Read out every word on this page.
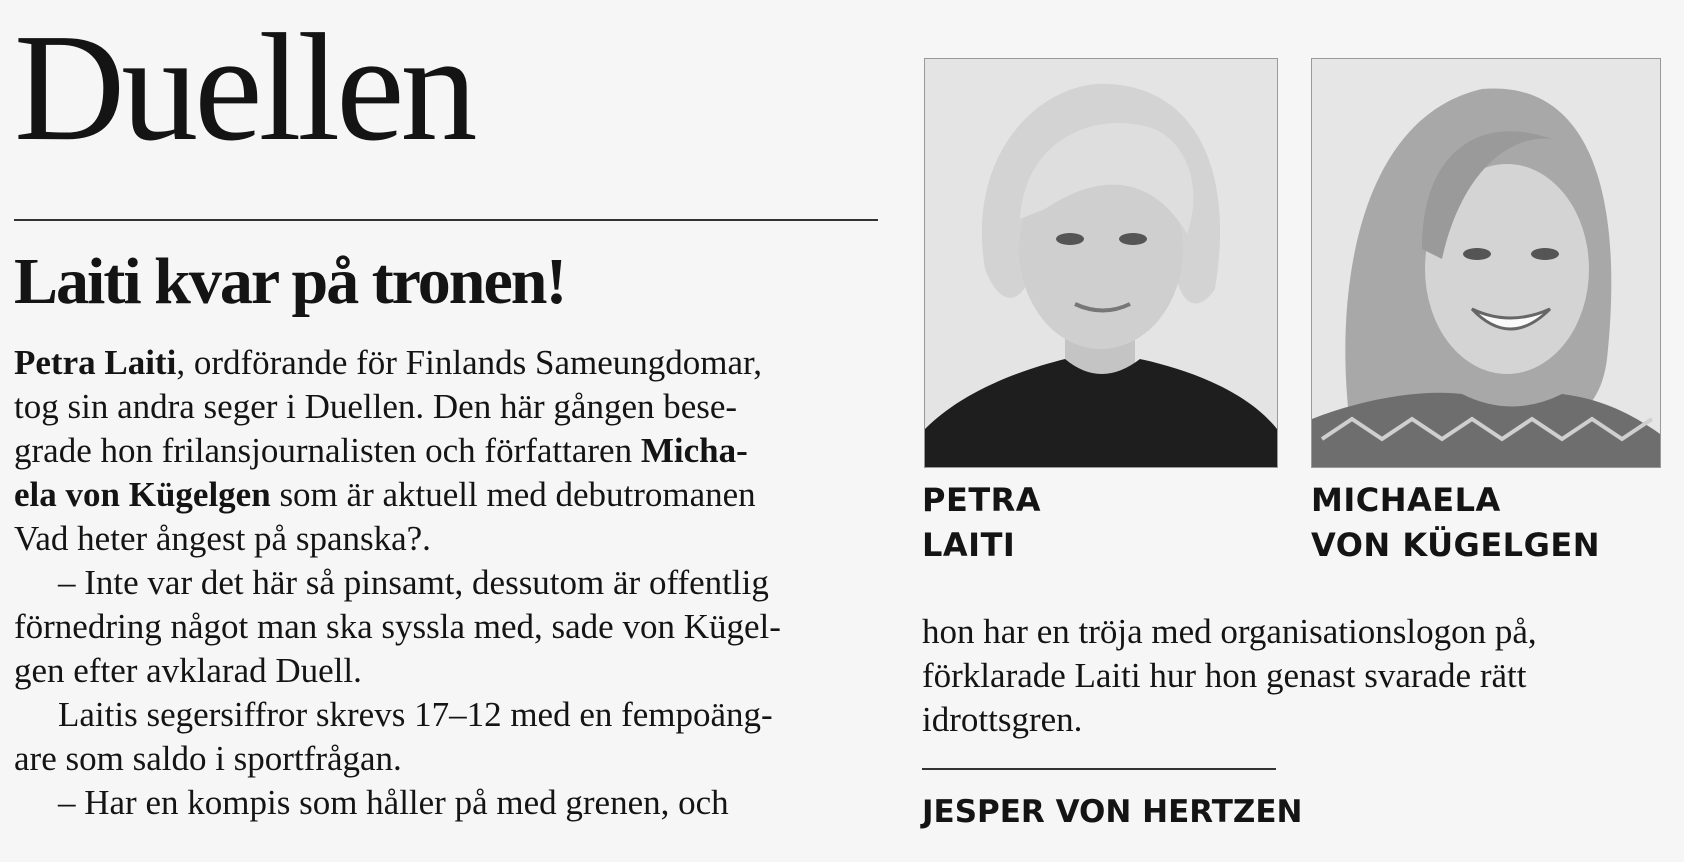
Duellen
Laiti kvar på tronen!
Petra Laiti, ordförande för Finlands Sameungdomar,
tog sin andra seger i Duellen. Den här gången bese-
grade hon frilansjournalisten och författaren Micha-
ela von Kügelgen som är aktuell med debutromanen
Vad heter ångest på spanska?.
– Inte var det här så pinsamt, dessutom är offentlig
förnedring något man ska syssla med, sade von Kügel-
gen efter avklarad Duell.
Laitis segersiffror skrevs 17–12 med en fempoäng-
are som saldo i sportfrågan.
– Har en kompis som håller på med grenen, och
PETRA
LAITI
MICHAELA
VON KÜGELGEN
hon har en tröja med organisationslogon på,
förklarade Laiti hur hon genast svarade rätt
idrottsgren.
JESPER VON HERTZEN
